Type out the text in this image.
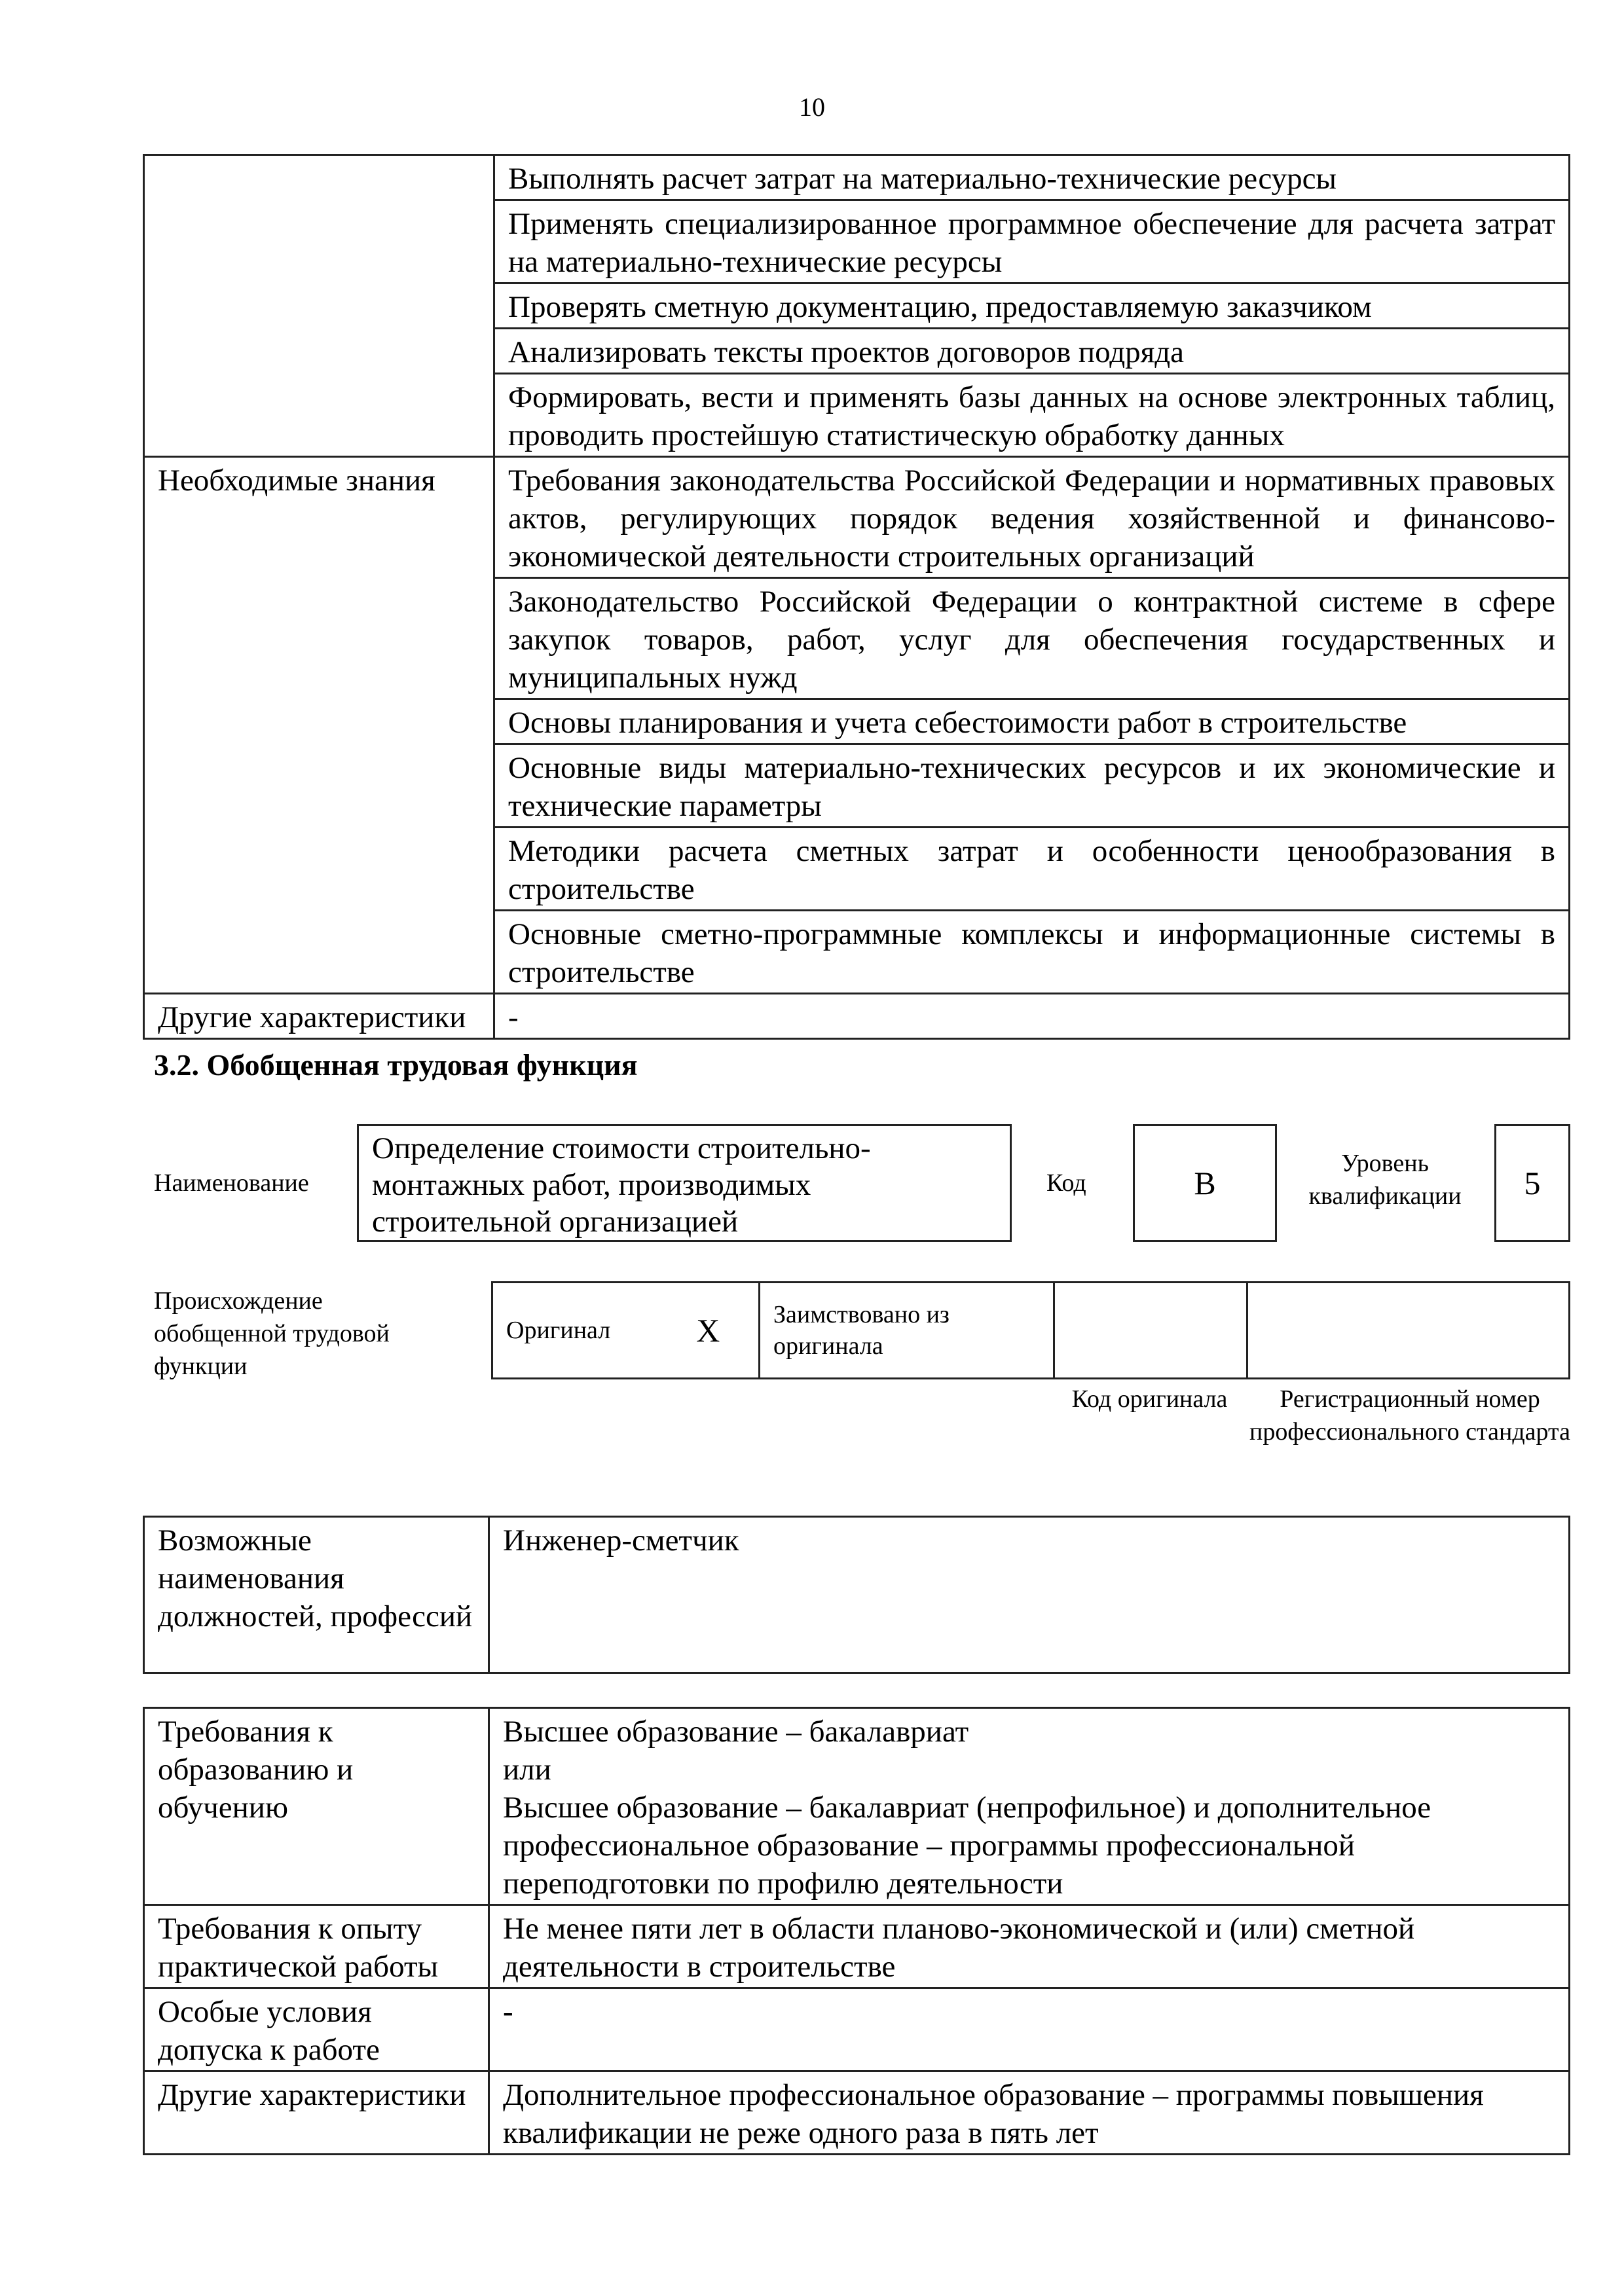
10
	Выполнять расчет затрат на материально-технические ресурсы
	Применять специализированное программное обеспечение для расчета затрат на материально-технические ресурсы
	Проверять сметную документацию, предоставляемую заказчиком
	Анализировать тексты проектов договоров подряда
	Формировать, вести и применять базы данных на основе электронных таблиц, проводить простейшую статистическую обработку данных
Необходимые знания	Требования законодательства Российской Федерации и нормативных правовых актов, регулирующих порядок ведения хозяйственной и финансово-экономической деятельности строительных организаций
	Законодательство Российской Федерации о контрактной системе в сфере закупок товаров, работ, услуг для обеспечения государственных и муниципальных нужд
	Основы планирования и учета себестоимости работ в строительстве
	Основные виды материально-технических ресурсов и их экономические и технические параметры
	Методики расчета сметных затрат и особенности ценообразования в строительстве
	Основные сметно-программные комплексы и информационные системы в строительстве
Другие характеристики	-
3.2. Обобщенная трудовая функция
Наименование
Определение стоимости строительно-монтажных работ, производимых строительной организацией
Код	B
Уровень квалификации	5
Происхождение обобщенной трудовой функции
Оригинал	X	Заимствовано из оригинала		
Код оригинала	Регистрационный номер профессионального стандарта
Возможные наименования должностей, профессий	Инженер-сметчик
Требования к образованию и обучению	Высшее образование – бакалавриат
или
Высшее образование – бакалавриат (непрофильное) и дополнительное профессиональное образование – программы профессиональной переподготовки по профилю деятельности

Требования к опыту практической работы	Не менее пяти лет в области планово-экономической и (или) сметной деятельности в строительстве
Особые условия допуска к работе	-
Другие характеристики	Дополнительное профессиональное образование – программы повышения квалификации не реже одного раза в пять лет
